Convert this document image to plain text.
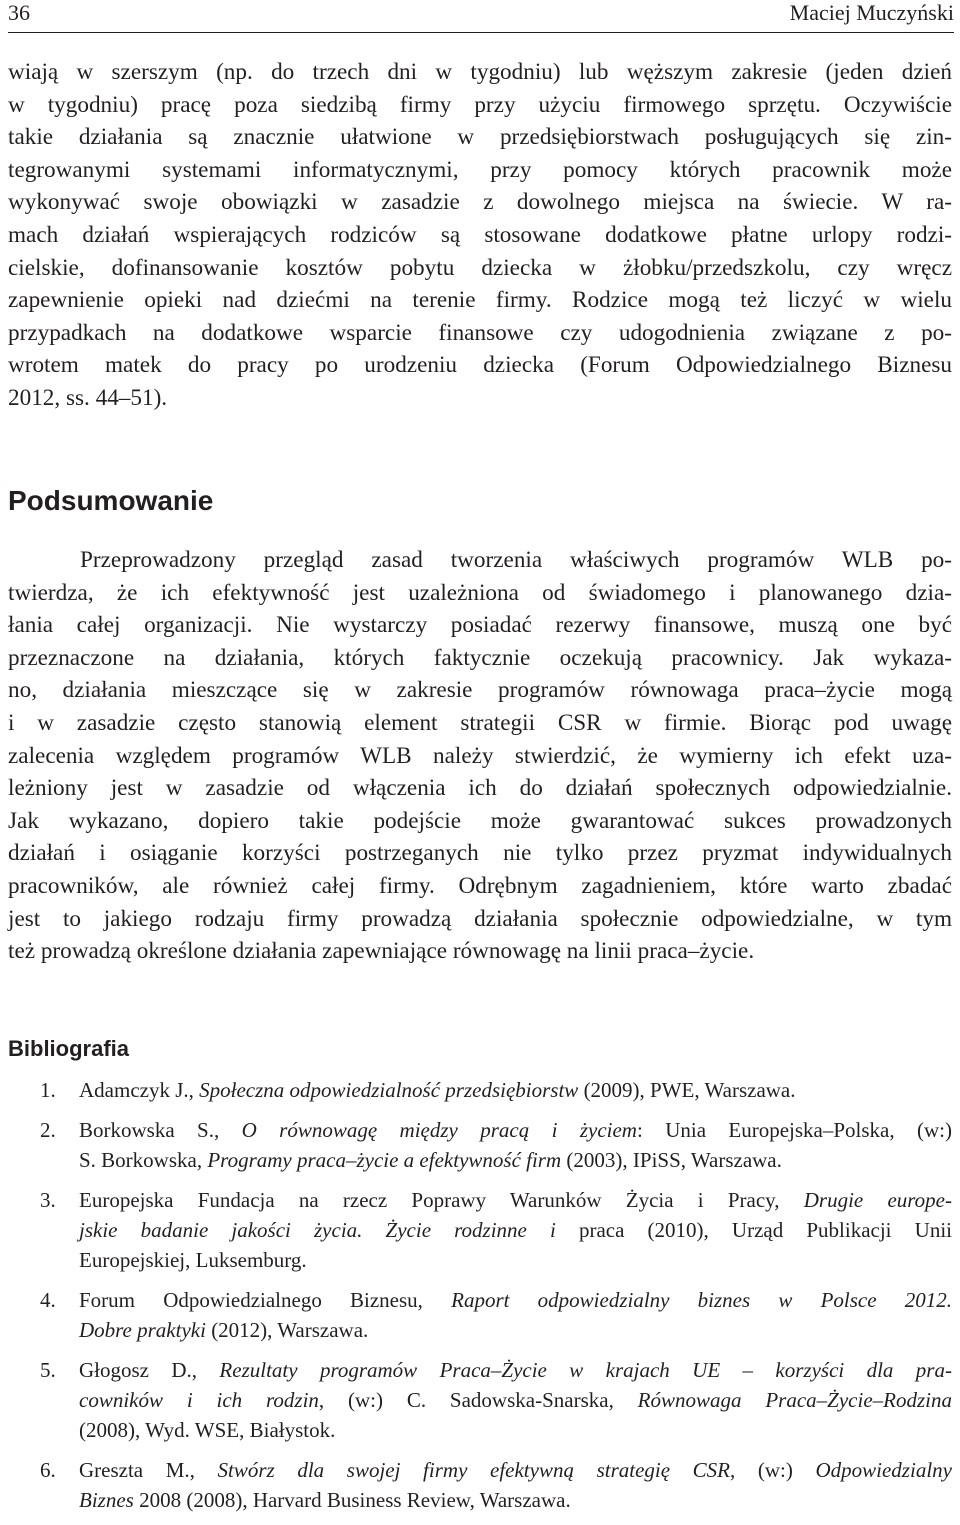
36	Maciej Muczyński
wiają w szerszym (np. do trzech dni w tygodniu) lub węższym zakresie (jeden dzień
w tygodniu) pracę poza siedzibą firmy przy użyciu firmowego sprzętu. Oczywiście
takie działania są znacznie ułatwione w przedsiębiorstwach posługujących się zin-
tegrowanymi systemami informatycznymi, przy pomocy których pracownik może
wykonywać swoje obowiązki w zasadzie z dowolnego miejsca na świecie. W ra-
mach działań wspierających rodziców są stosowane dodatkowe płatne urlopy rodzi-
cielskie, dofinansowanie kosztów pobytu dziecka w żłobku/przedszkolu, czy wręcz
zapewnienie opieki nad dziećmi na terenie firmy. Rodzice mogą też liczyć w wielu
przypadkach na dodatkowe wsparcie finansowe czy udogodnienia związane z po-
wrotem matek do pracy po urodzeniu dziecka (Forum Odpowiedzialnego Biznesu
2012, ss. 44–51).
Podsumowanie
Przeprowadzony przegląd zasad tworzenia właściwych programów WLB po-
twierdza, że ich efektywność jest uzależniona od świadomego i planowanego dzia-
łania całej organizacji. Nie wystarczy posiadać rezerwy finansowe, muszą one być
przeznaczone na działania, których faktycznie oczekują pracownicy. Jak wykaza-
no, działania mieszczące się w zakresie programów równowaga praca–życie mogą
i w zasadzie często stanowią element strategii CSR w firmie. Biorąc pod uwagę
zalecenia względem programów WLB należy stwierdzić, że wymierny ich efekt uza-
leżniony jest w zasadzie od włączenia ich do działań społecznych odpowiedzialnie.
Jak wykazano, dopiero takie podejście może gwarantować sukces prowadzonych
działań i osiąganie korzyści postrzeganych nie tylko przez pryzmat indywidualnych
pracowników, ale również całej firmy. Odrębnym zagadnieniem, które warto zbadać
jest to jakiego rodzaju firmy prowadzą działania społecznie odpowiedzialne, w tym
też prowadzą określone działania zapewniające równowagę na linii praca–życie.
Bibliografia
1.	Adamczyk J., Społeczna odpowiedzialność przedsiębiorstw (2009), PWE, Warszawa.
2.	Borkowska S., O równowagę między pracą i życiem: Unia Europejska–Polska, (w:)
S. Borkowska, Programy praca–życie a efektywność firm (2003), IPiSS, Warszawa.
3.	Europejska Fundacja na rzecz Poprawy Warunków Życia i Pracy, Drugie europe-
jskie badanie jakości życia. Życie rodzinne i praca (2010), Urząd Publikacji Unii
Europejskiej, Luksemburg.
4.	Forum Odpowiedzialnego Biznesu, Raport odpowiedzialny biznes w Polsce 2012.
Dobre praktyki (2012), Warszawa.
5.	Głogosz D., Rezultaty programów Praca–Życie w krajach UE – korzyści dla pra-
cowników i ich rodzin, (w:) C. Sadowska-Snarska, Równowaga Praca–Życie–Rodzina
(2008), Wyd. WSE, Białystok.
6.	Greszta M., Stwórz dla swojej firmy efektywną strategię CSR, (w:) Odpowiedzialny
Biznes 2008 (2008), Harvard Business Review, Warszawa.
